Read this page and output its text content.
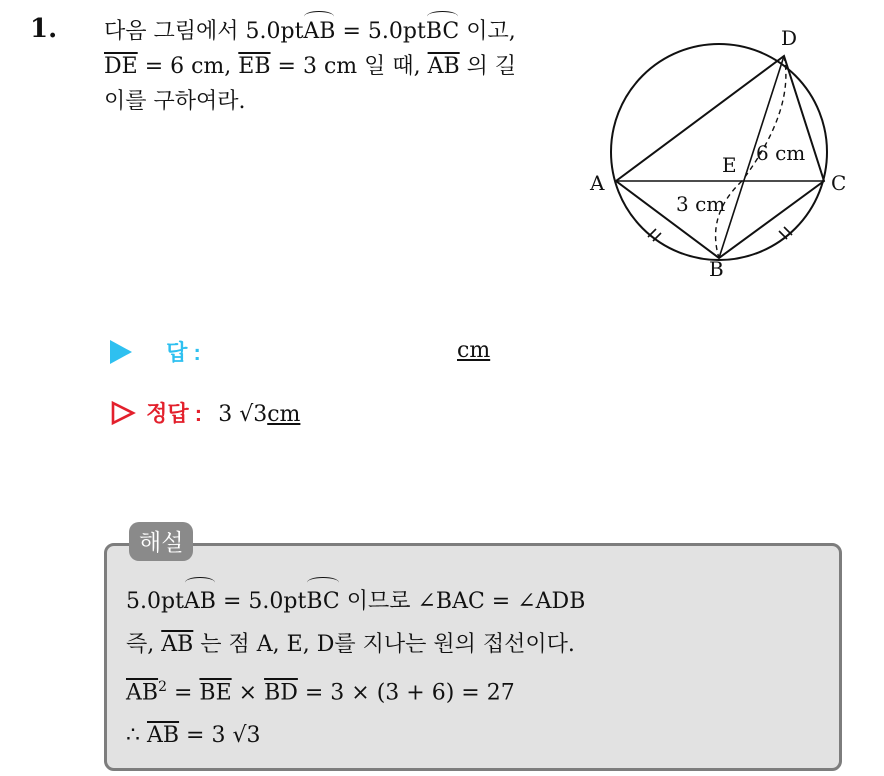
1. 다음 그림에서 5.0ptAB = 5.0ptBC 이고,
$\overline{DE} = 6$ cm, $\overline{EB} = 3$ cm 일 때, $\overline{AB}$ 의 길
이를 구하여라.
D
A	C
B
E 6 cm
3 cm
답 :	cm
정답 : 3 √3cm
해설
5.0ptAB = 5.0ptBC 이므로 ∠BAC = ∠ADB
즉, $\overline{AB}$ 는 점 A, E, D를 지나는 원의 접선이다.
$\overline{AB}^2 = \overline{BE} \times \overline{BD} = 3 \times (3 + 6) = 27$
∴ $\overline{AB} = 3$ √3
